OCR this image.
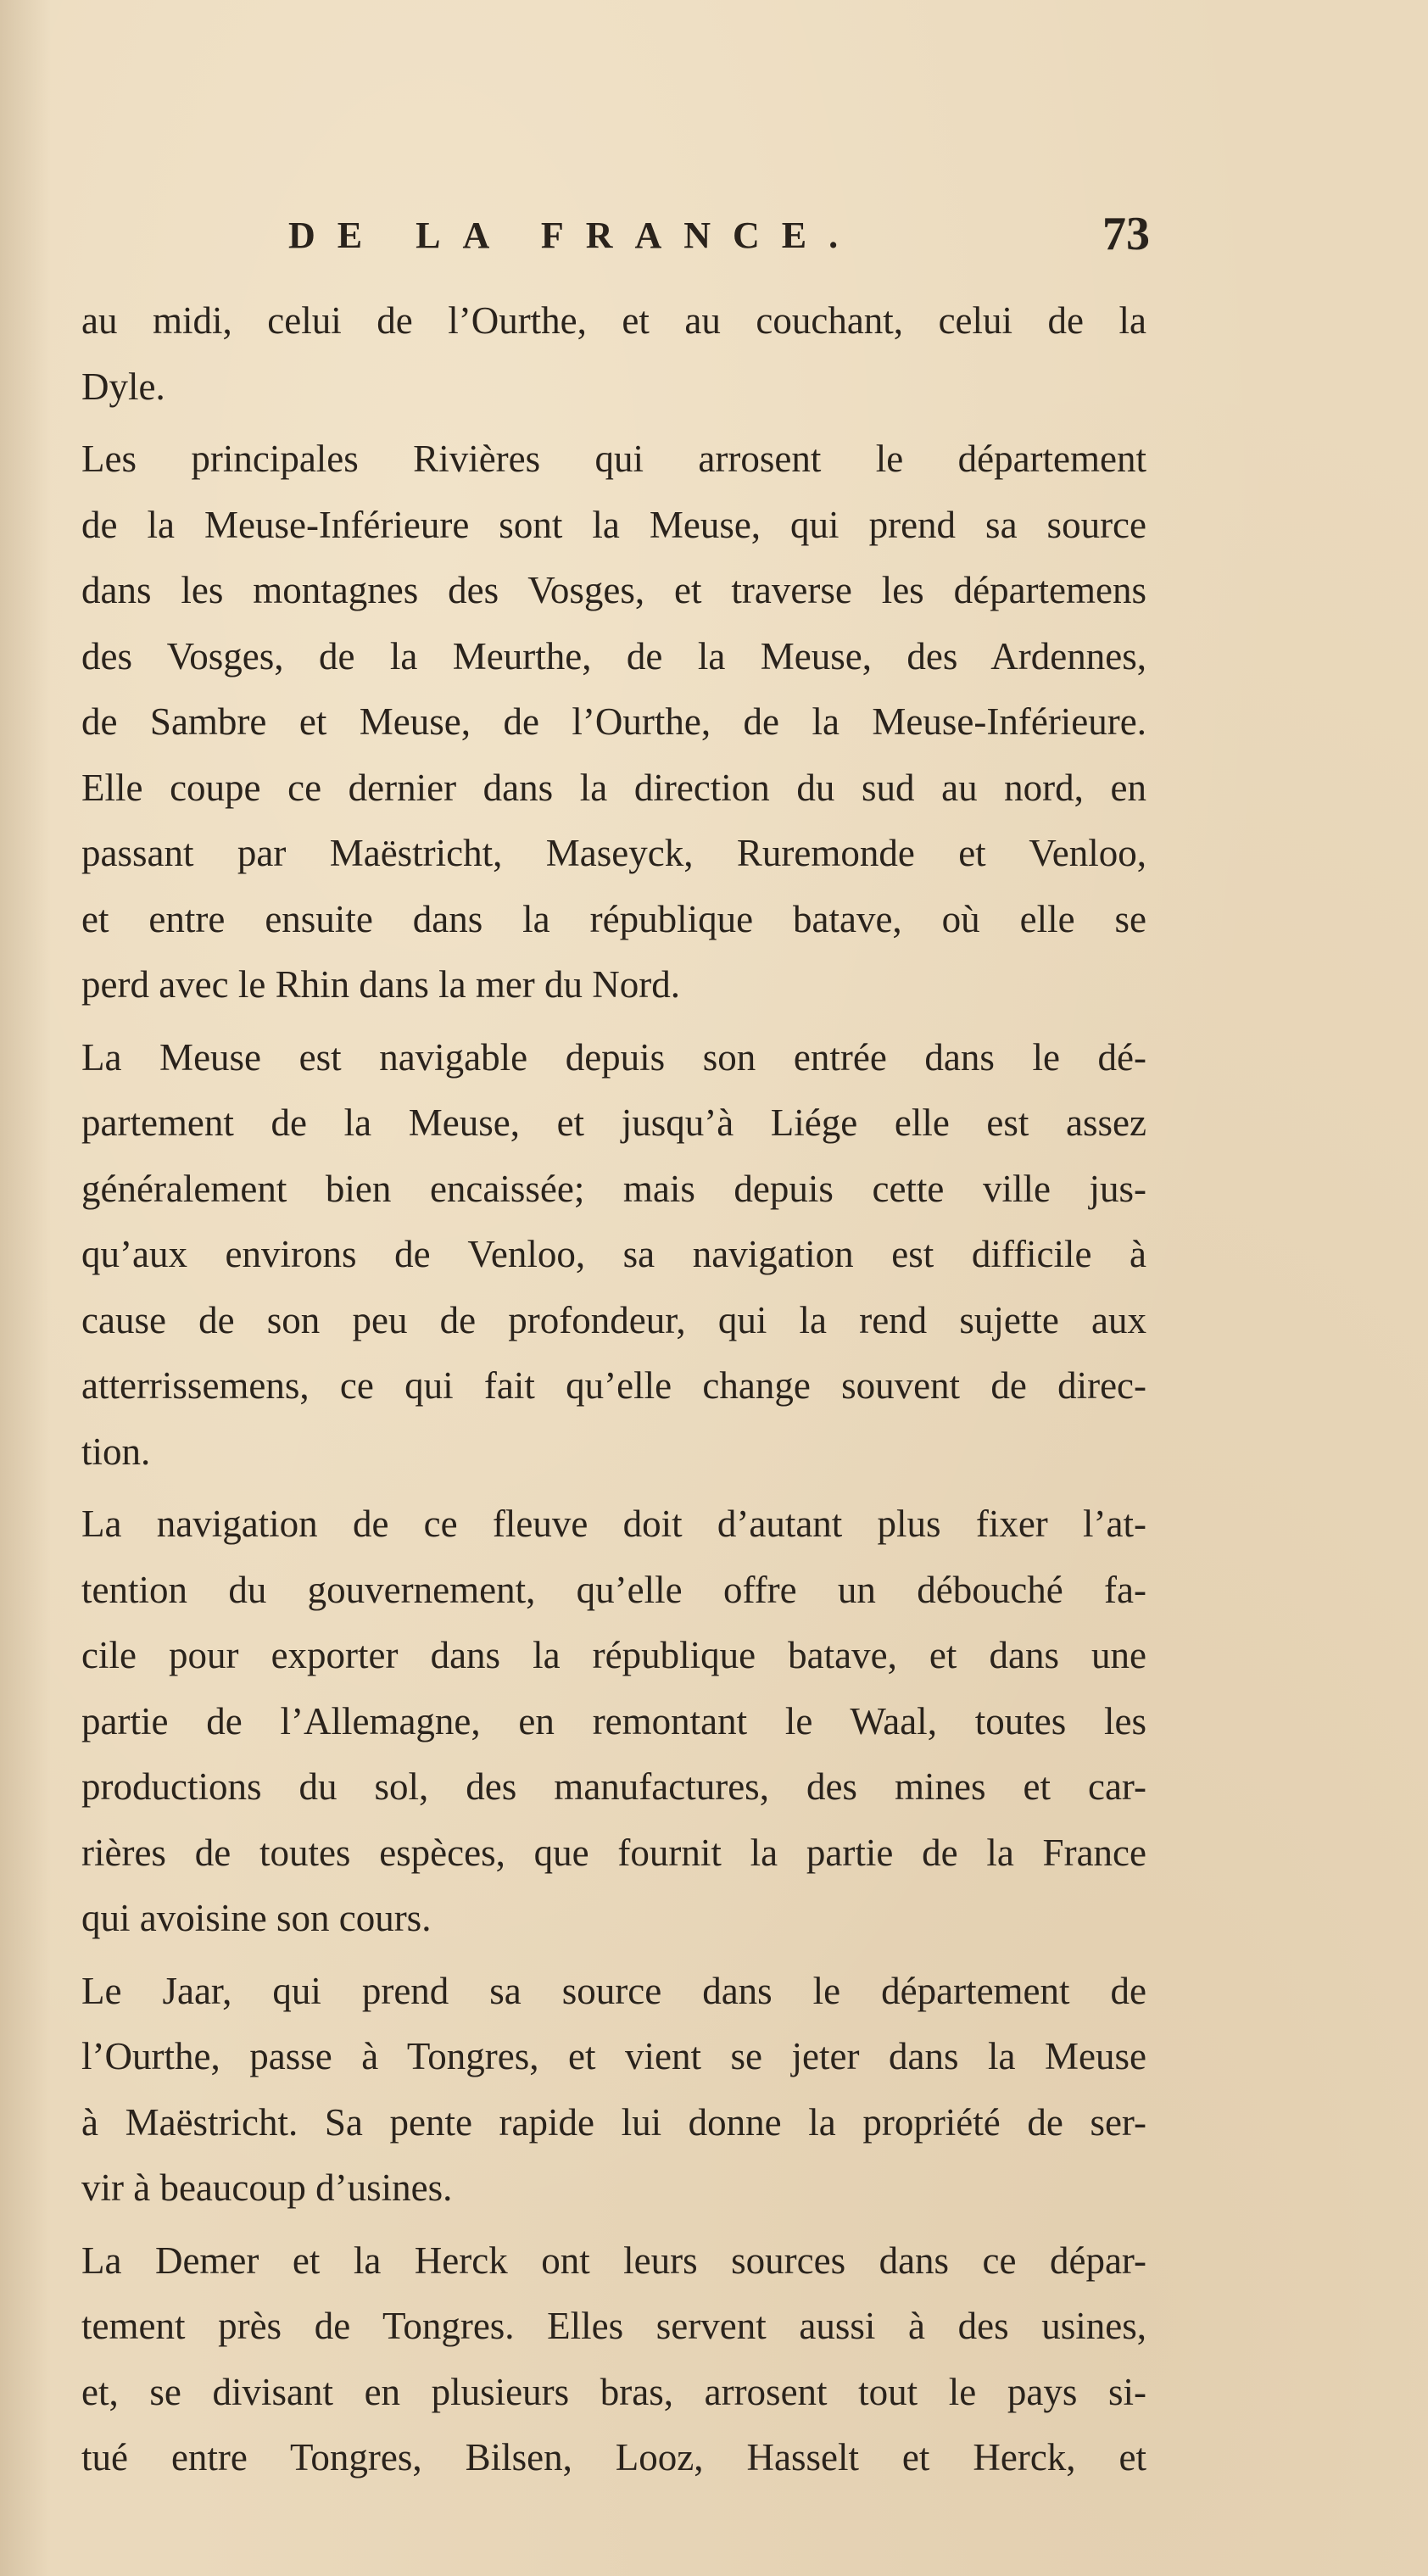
DE LA FRANCE.	73
au midi, celui de l’Ourthe, et au couchant, celui de la
Dyle.
Les principales Rivières qui arrosent le département
de la Meuse-Inférieure sont la Meuse, qui prend sa source
dans les montagnes des Vosges, et traverse les départemens
des Vosges, de la Meurthe, de la Meuse, des Ardennes,
de Sambre et Meuse, de l’Ourthe, de la Meuse-Inférieure.
Elle coupe ce dernier dans la direction du sud au nord, en
passant par Maëstricht, Maseyck, Ruremonde et Venloo,
et entre ensuite dans la république batave, où elle se
perd avec le Rhin dans la mer du Nord.
La Meuse est navigable depuis son entrée dans le dé-
partement de la Meuse, et jusqu’à Liége elle est assez
généralement bien encaissée; mais depuis cette ville jus-
qu’aux environs de Venloo, sa navigation est difficile à
cause de son peu de profondeur, qui la rend sujette aux
atterrissemens, ce qui fait qu’elle change souvent de direc-
tion.
La navigation de ce fleuve doit d’autant plus fixer l’at-
tention du gouvernement, qu’elle offre un débouché fa-
cile pour exporter dans la république batave, et dans une
partie de l’Allemagne, en remontant le Waal, toutes les
productions du sol, des manufactures, des mines et car-
rières de toutes espèces, que fournit la partie de la France
qui avoisine son cours.
Le Jaar, qui prend sa source dans le département de
l’Ourthe, passe à Tongres, et vient se jeter dans la Meuse
à Maëstricht. Sa pente rapide lui donne la propriété de ser-
vir à beaucoup d’usines.
La Demer et la Herck ont leurs sources dans ce dépar-
tement près de Tongres. Elles servent aussi à des usines,
et, se divisant en plusieurs bras, arrosent tout le pays si-
tué entre Tongres, Bilsen, Looz, Hasselt et Herck, et
